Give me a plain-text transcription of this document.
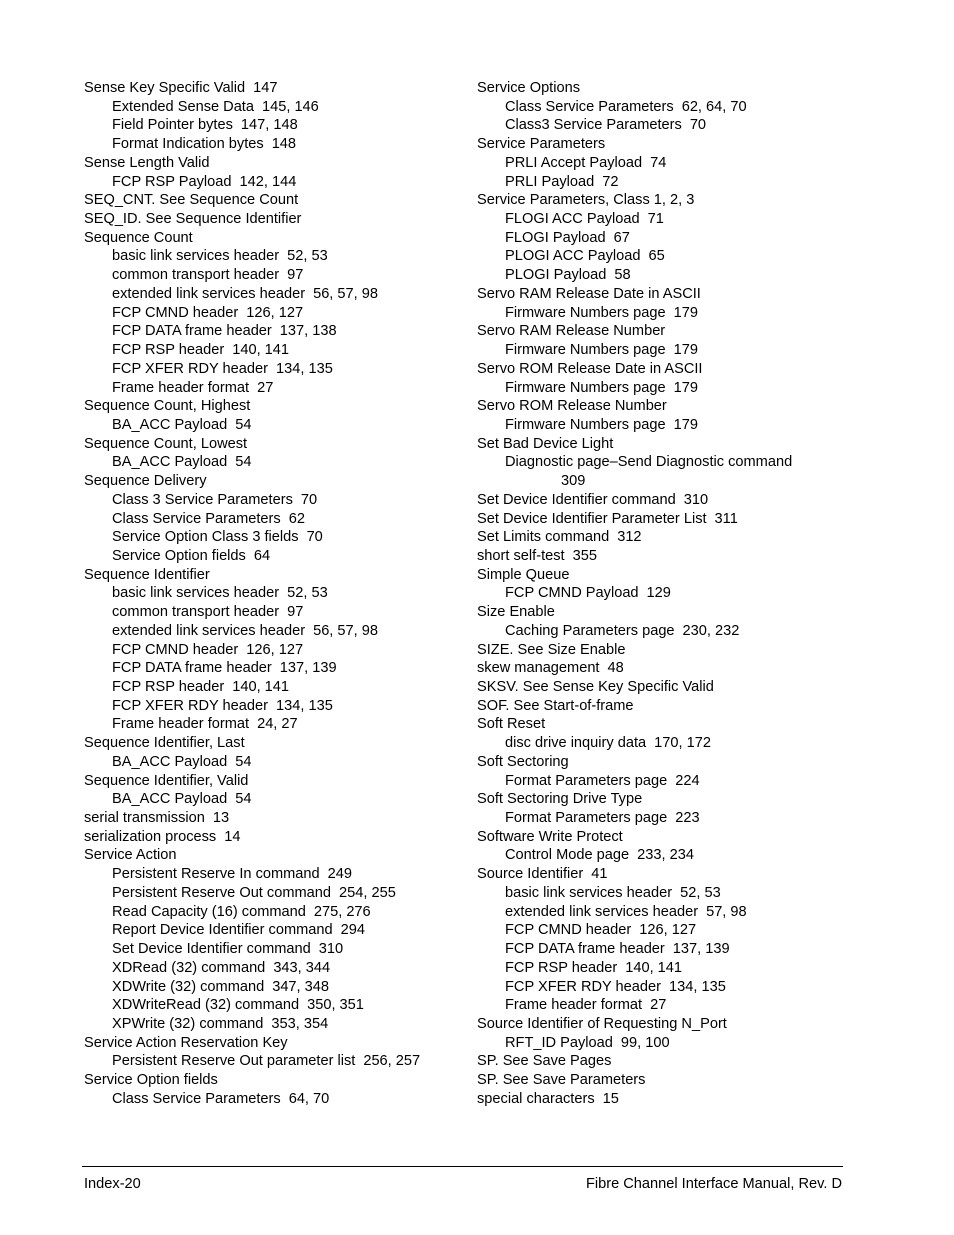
Sense Key Specific Valid 147
Extended Sense Data 145, 146
Field Pointer bytes 147, 148
Format Indication bytes 148
Sense Length Valid
FCP RSP Payload 142, 144
SEQ_CNT. See Sequence Count
SEQ_ID. See Sequence Identifier
Sequence Count
basic link services header 52, 53
common transport header 97
extended link services header 56, 57, 98
FCP CMND header 126, 127
FCP DATA frame header 137, 138
FCP RSP header 140, 141
FCP XFER RDY header 134, 135
Frame header format 27
Sequence Count, Highest
BA_ACC Payload 54
Sequence Count, Lowest
BA_ACC Payload 54
Sequence Delivery
Class 3 Service Parameters 70
Class Service Parameters 62
Service Option Class 3 fields 70
Service Option fields 64
Sequence Identifier
basic link services header 52, 53
common transport header 97
extended link services header 56, 57, 98
FCP CMND header 126, 127
FCP DATA frame header 137, 139
FCP RSP header 140, 141
FCP XFER RDY header 134, 135
Frame header format 24, 27
Sequence Identifier, Last
BA_ACC Payload 54
Sequence Identifier, Valid
BA_ACC Payload 54
serial transmission 13
serialization process 14
Service Action
Persistent Reserve In command 249
Persistent Reserve Out command 254, 255
Read Capacity (16) command 275, 276
Report Device Identifier command 294
Set Device Identifier command 310
XDRead (32) command 343, 344
XDWrite (32) command 347, 348
XDWriteRead (32) command 350, 351
XPWrite (32) command 353, 354
Service Action Reservation Key
Persistent Reserve Out parameter list 256, 257
Service Option fields
Class Service Parameters 64, 70
Service Options
Class Service Parameters 62, 64, 70
Class3 Service Parameters 70
Service Parameters
PRLI Accept Payload 74
PRLI Payload 72
Service Parameters, Class 1, 2, 3
FLOGI ACC Payload 71
FLOGI Payload 67
PLOGI ACC Payload 65
PLOGI Payload 58
Servo RAM Release Date in ASCII
Firmware Numbers page 179
Servo RAM Release Number
Firmware Numbers page 179
Servo ROM Release Date in ASCII
Firmware Numbers page 179
Servo ROM Release Number
Firmware Numbers page 179
Set Bad Device Light
Diagnostic page–Send Diagnostic command
309
Set Device Identifier command 310
Set Device Identifier Parameter List 311
Set Limits command 312
short self-test 355
Simple Queue
FCP CMND Payload 129
Size Enable
Caching Parameters page 230, 232
SIZE. See Size Enable
skew management 48
SKSV. See Sense Key Specific Valid
SOF. See Start-of-frame
Soft Reset
disc drive inquiry data 170, 172
Soft Sectoring
Format Parameters page 224
Soft Sectoring Drive Type
Format Parameters page 223
Software Write Protect
Control Mode page 233, 234
Source Identifier 41
basic link services header 52, 53
extended link services header 57, 98
FCP CMND header 126, 127
FCP DATA frame header 137, 139
FCP RSP header 140, 141
FCP XFER RDY header 134, 135
Frame header format 27
Source Identifier of Requesting N_Port
RFT_ID Payload 99, 100
SP. See Save Pages
SP. See Save Parameters
special characters 15
Index-20	Fibre Channel Interface Manual, Rev. D
